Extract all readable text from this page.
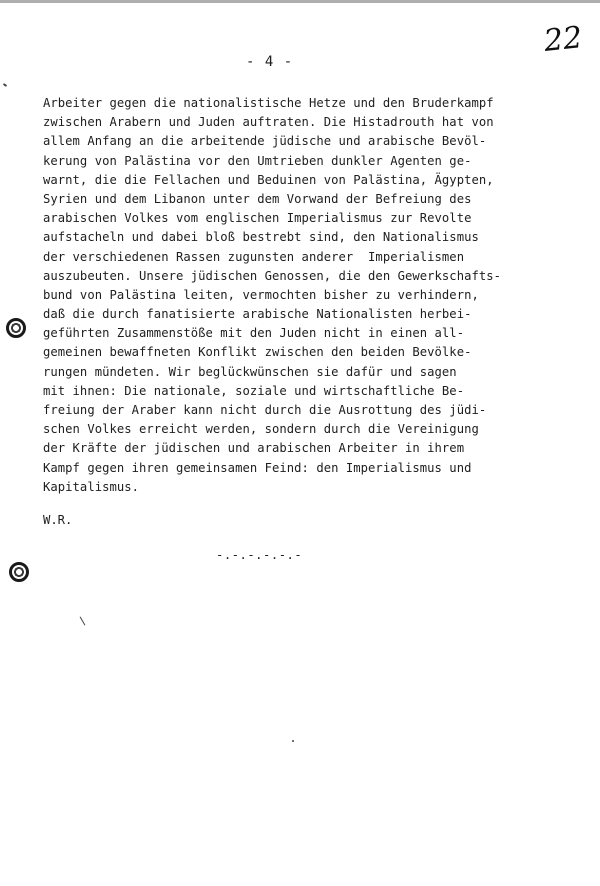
22
- 4 -
Arbeiter gegen die nationalistische Hetze und den Bruderkampf
zwischen Arabern und Juden auftraten. Die Histadrouth hat von
allem Anfang an die arbeitende jüdische und arabische Bevöl-
kerung von Palästina vor den Umtrieben dunkler Agenten ge-
warnt, die die Fellachen und Beduinen von Palästina, Ägypten,
Syrien und dem Libanon unter dem Vorwand der Befreiung des
arabischen Volkes vom englischen Imperialismus zur Revolte
aufstacheln und dabei bloß bestrebt sind, den Nationalismus
der verschiedenen Rassen zugunsten anderer  Imperialismen
auszubeuten. Unsere jüdischen Genossen, die den Gewerkschafts-
bund von Palästina leiten, vermochten bisher zu verhindern,
daß die durch fanatisierte arabische Nationalisten herbei-
geführten Zusammenstöße mit den Juden nicht in einen all-
gemeinen bewaffneten Konflikt zwischen den beiden Bevölke-
rungen mündeten. Wir beglückwünschen sie dafür und sagen
mit ihnen: Die nationale, soziale und wirtschaftliche Be-
freiung der Araber kann nicht durch die Ausrottung des jüdi-
schen Volkes erreicht werden, sondern durch die Vereinigung
der Kräfte der jüdischen und arabischen Arbeiter in ihrem
Kampf gegen ihren gemeinsamen Feind: den Imperialismus und
Kapitalismus.
W.R.
-.-.-.-.-.-
